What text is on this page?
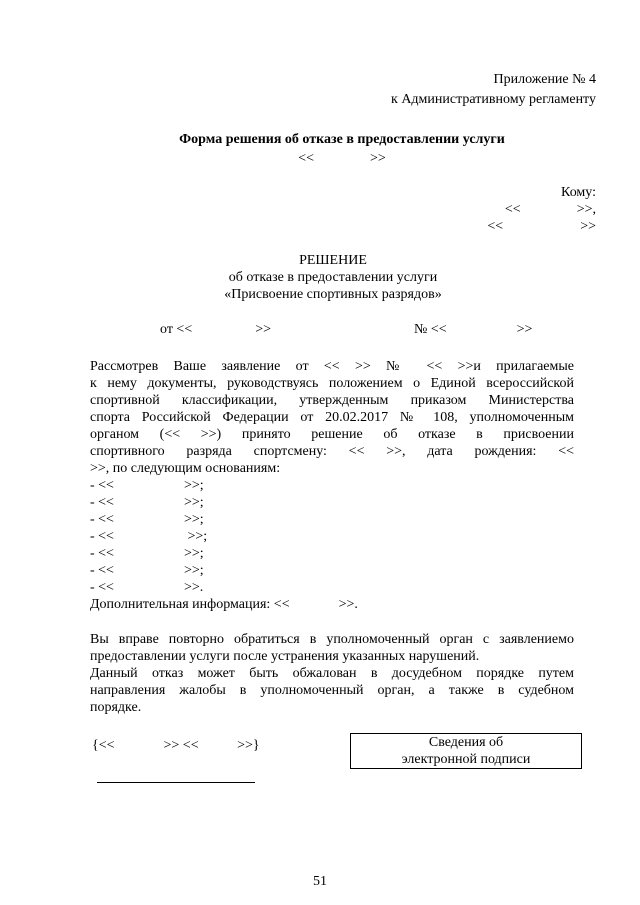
Приложение № 4
к Административному регламенту
Форма решения об отказе в предоставлении услуги
<<                >>
Кому:
<<                >>,
<<                      >>
РЕШЕНИЕ
об отказе в предоставлении услуги
«Присвоение спортивных разрядов»
от <<                  >>	№ <<                    >>
Рассмотрев Ваше заявление от << >> № << >>и прилагаемые
к нему документы, руководствуясь положением о Единой всероссийской
спортивной классификации, утвержденным приказом Министерства
спорта Российской Федерации от 20.02.2017 № 108, уполномоченным
органом (<< >>) принято решение об отказе в присвоении
спортивного разряда спортсмену: << >>, дата рождения: <<
>>, по следующим основаниям:
- <<                    >>;
- <<                    >>;
- <<                    >>;
- <<                     >>;
- <<                    >>;
- <<                    >>;
- <<                    >>.
Дополнительная информация: <<              >>.
Вы вправе повторно обратиться в уполномоченный орган с заявлениемо
предоставлении услуги после устранения указанных нарушений.
Данный отказ может быть обжалован в досудебном порядке путем
направления жалобы в уполномоченный орган, а также в судебном
порядке.
{<<              >> <<           >>}	Сведения об
электронной подписи
51
